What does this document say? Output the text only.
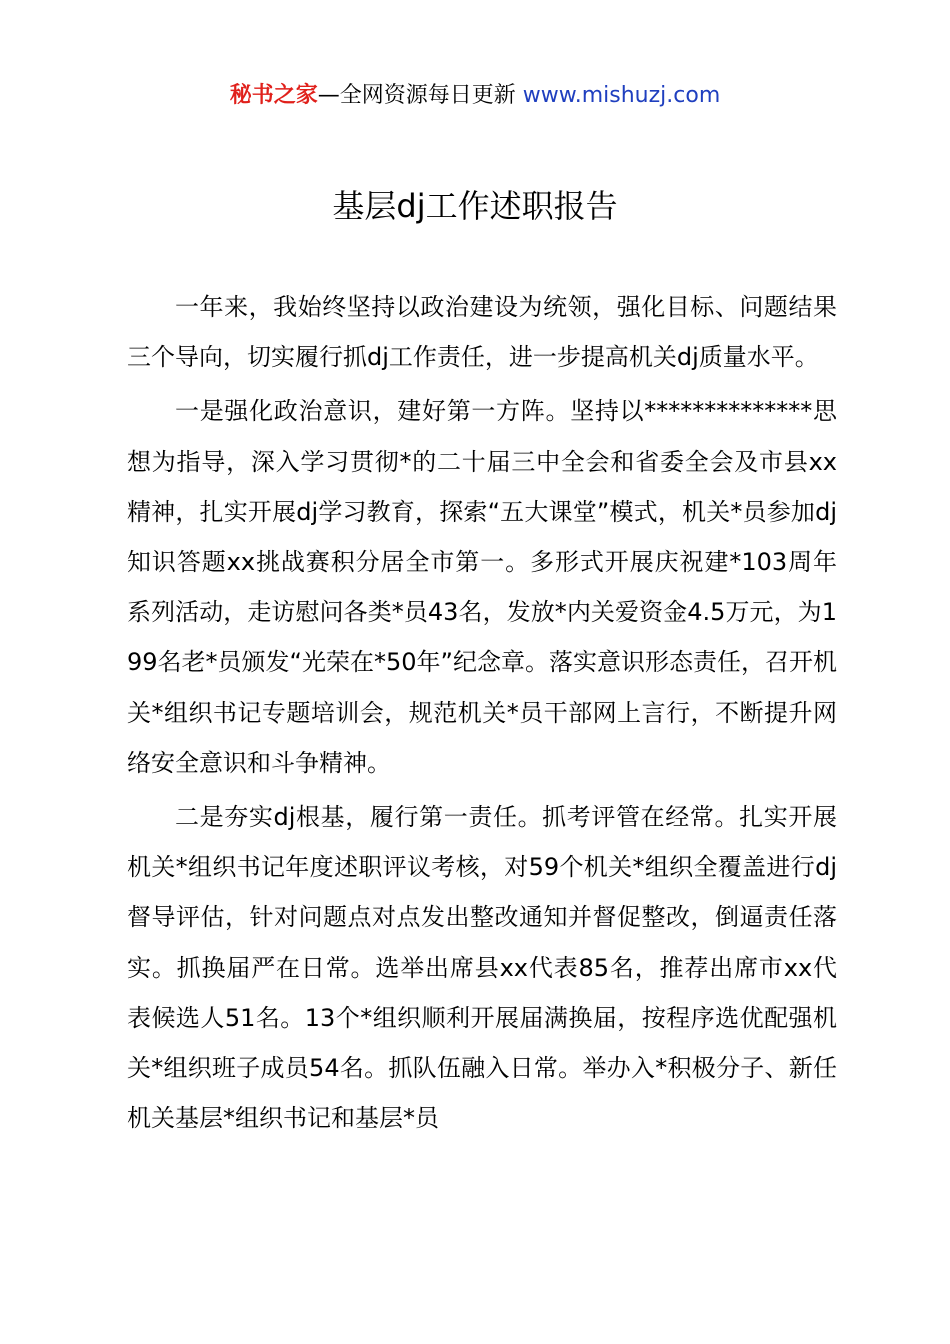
秘书之家—全网资源每日更新 www.mishuzj.com
基层dj工作述职报告

一年来，我始终坚持以政治建设为统领，强化目标、问题结果三个导向，切实履行抓dj工作责任，进一步提高机关dj质量水平。

一是强化政治意识，建好第一方阵。坚持以**************思想为指导，深入学习贯彻*的二十届三中全会和省委全会及市县xx精神，扎实开展dj学习教育，探索“五大课堂”模式，机关*员参加dj知识答题xx挑战赛积分居全市第一。多形式开展庆祝建*103周年系列活动，走访慰问各类*员43名，发放*内关爱资金4.5万元，为199名老*员颁发“光荣在*50年”纪念章。落实意识形态责任，召开机关*组织书记专题培训会，规范机关*员干部网上言行，不断提升网络安全意识和斗争精神。

二是夯实dj根基，履行第一责任。抓考评管在经常。扎实开展机关*组织书记年度述职评议考核，对59个机关*组织全覆盖进行dj督导评估，针对问题点对点发出整改通知并督促整改，倒逼责任落实。抓换届严在日常。选举出席县xx代表85名，推荐出席市xx代表候选人51名。13个*组织顺利开展届满换届，按程序选优配强机关*组织班子成员54名。抓队伍融入日常。举办入*积极分子、新任机关基层*组织书记和基层*员
